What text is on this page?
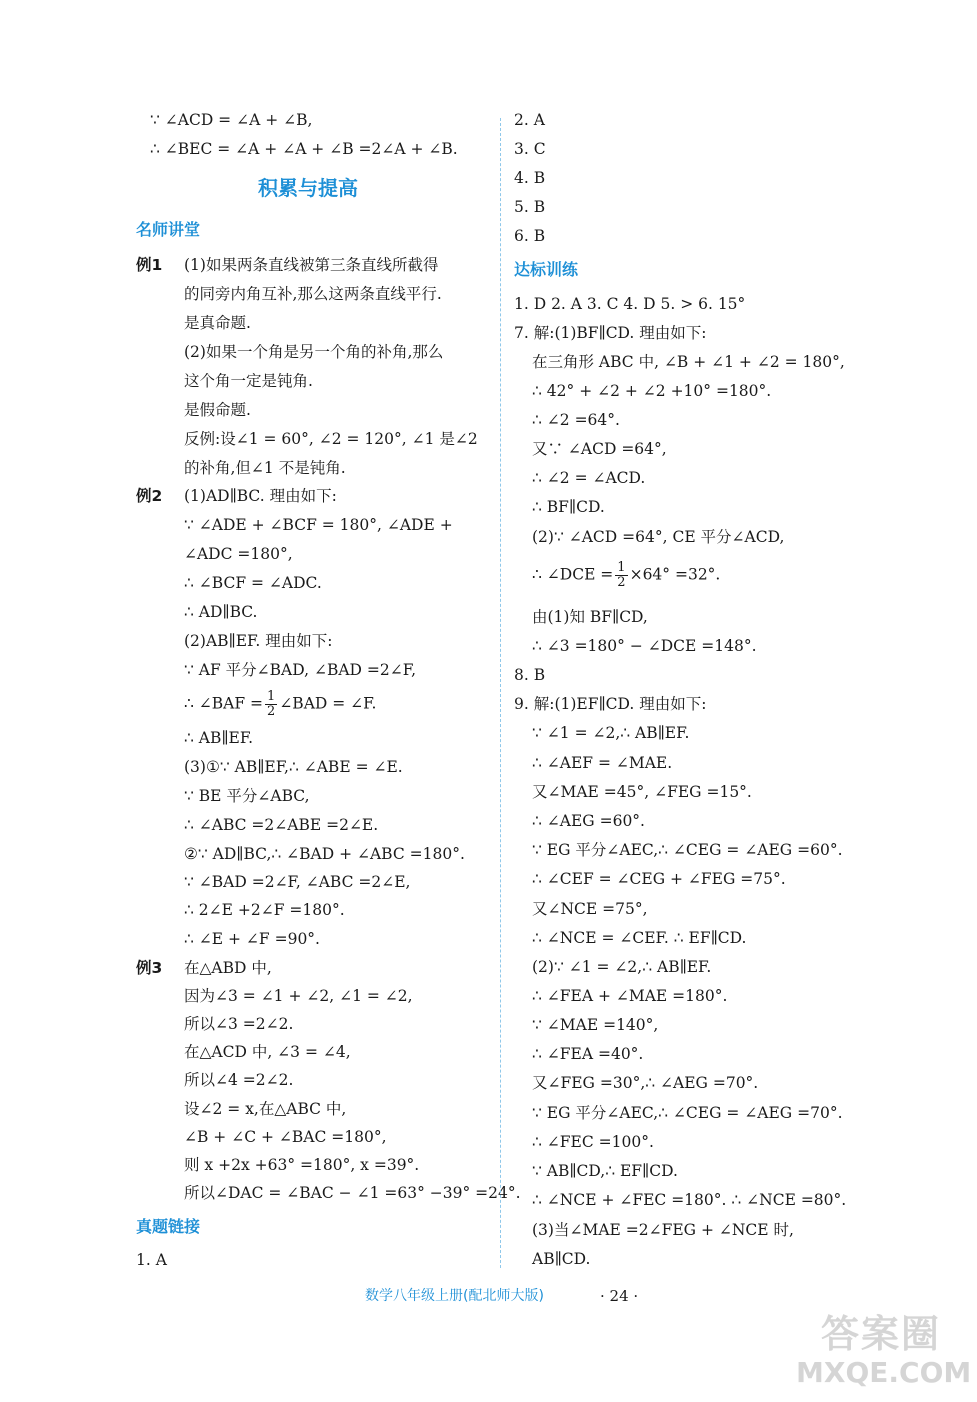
∵ ∠ACD = ∠A + ∠B,
∴ ∠BEC = ∠A + ∠A + ∠B =2∠A + ∠B.
积累与提高
名师讲堂
例1 (1)如果两条直线被第三条直线所截得
的同旁内角互补,那么这两条直线平行.
是真命题.
(2)如果一个角是另一个角的补角,那么
这个角一定是钝角.
是假命题.
反例:设∠1 = 60°, ∠2 = 120°, ∠1 是∠2
的补角,但∠1 不是钝角.
例2 (1)AD∥BC. 理由如下:
∵ ∠ADE + ∠BCF = 180°, ∠ADE +
∠ADC =180°,
∴ ∠BCF = ∠ADC.
∴ AD∥BC.
(2)AB∥EF. 理由如下:
∵ AF 平分∠BAD, ∠BAD =2∠F,
∴ ∠BAF = $\frac{1}{2}$ ∠BAD = ∠F.
∴ AB∥EF.
(3)①∵ AB∥EF,∴ ∠ABE = ∠E.
∵ BE 平分∠ABC,
∴ ∠ABC =2∠ABE =2∠E.
②∵ AD∥BC,∴ ∠BAD + ∠ABC =180°.
∵ ∠BAD =2∠F, ∠ABC =2∠E,
∴ 2∠E +2∠F =180°.
∴ ∠E + ∠F =90°.
例3 在△ABD 中,
因为∠3 = ∠1 + ∠2, ∠1 = ∠2,
所以∠3 =2∠2.
在△ACD 中, ∠3 = ∠4,
所以∠4 =2∠2.
设∠2 = x,在△ABC 中,
∠B + ∠C + ∠BAC =180°,
则 x +2x +63° =180°, x =39°.
所以∠DAC = ∠BAC − ∠1 =63° −39° =24°.
真题链接
1. A
2. A
3. C
4. B
5. B
6. B
达标训练
1. D 2. A 3. C 4. D 5. > 6. 15°
7. 解:(1)BF∥CD. 理由如下:
在三角形 ABC 中, ∠B + ∠1 + ∠2 = 180°,
∴ 42° + ∠2 + ∠2 +10° =180°.
∴ ∠2 =64°.
又∵ ∠ACD =64°,
∴ ∠2 = ∠ACD.
∴ BF∥CD.
(2)∵ ∠ACD =64°, CE 平分∠ACD,
∴ ∠DCE = $\frac{1}{2} \times 64^\circ =32^\circ$.
由(1)知 BF∥CD,
∴ ∠3 =180° − ∠DCE =148°.
8. B
9. 解:(1)EF∥CD. 理由如下:
∵ ∠1 = ∠2,∴ AB∥EF.
∴ ∠AEF = ∠MAE.
又∠MAE =45°, ∠FEG =15°.
∴ ∠AEG =60°.
∵ EG 平分∠AEC,∴ ∠CEG = ∠AEG =60°.
∴ ∠CEF = ∠CEG + ∠FEG =75°.
又∠NCE =75°,
∴ ∠NCE = ∠CEF. ∴ EF∥CD.
(2)∵ ∠1 = ∠2,∴ AB∥EF.
∴ ∠FEA + ∠MAE =180°.
∵ ∠MAE =140°,
∴ ∠FEA =40°.
又∠FEG =30°,∴ ∠AEG =70°.
∵ EG 平分∠AEC,∴ ∠CEG = ∠AEG =70°.
∴ ∠FEC =100°.
∵ AB∥CD,∴ EF∥CD.
∴ ∠NCE + ∠FEC =180°. ∴ ∠NCE =80°.
(3)当∠MAE =2∠FEG + ∠NCE 时,
AB∥CD.
数学八年级上册(配北师大版)	· 24 ·
答案圈
MXQE.COM
